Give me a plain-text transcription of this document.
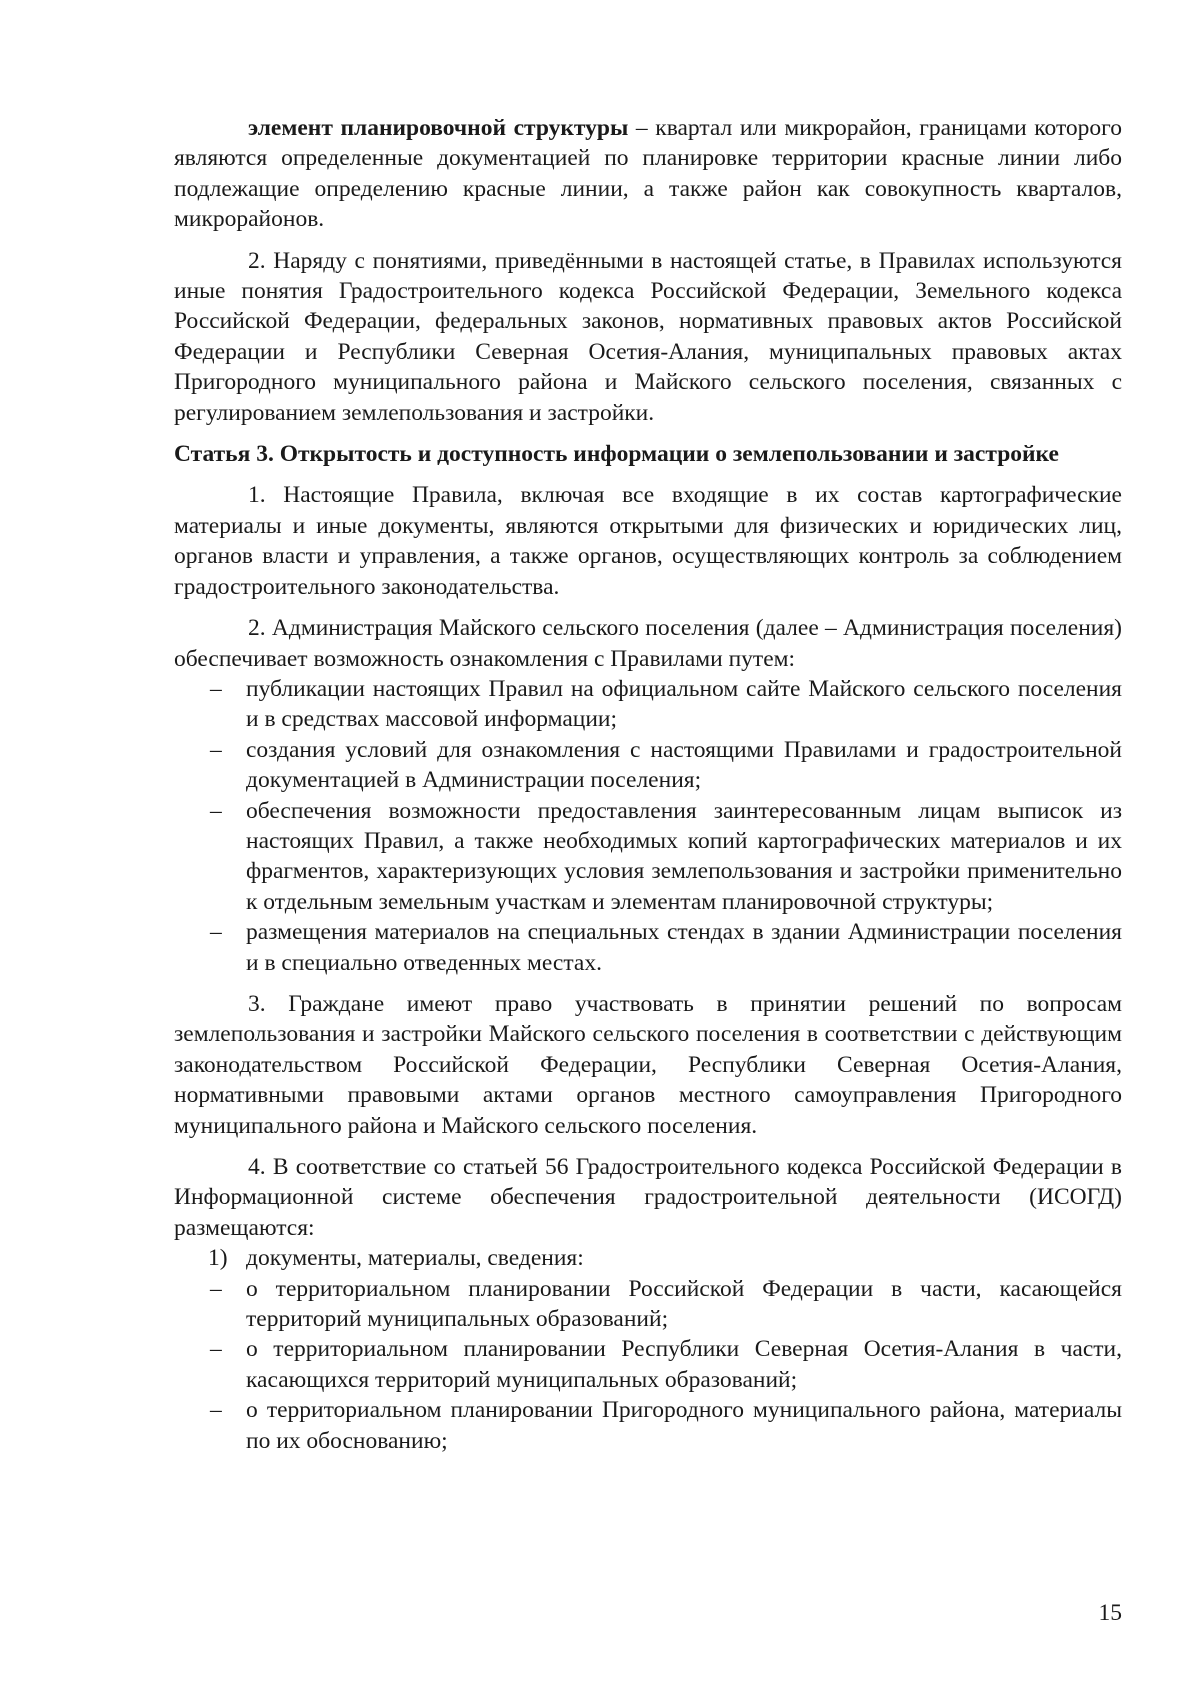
элемент планировочной структуры – квартал или микрорайон, границами которого являются определенные документацией по планировке территории красные линии либо подлежащие определению красные линии, а также район как совокупность кварталов, микрорайонов.

2. Наряду с понятиями, приведёнными в настоящей статье, в Правилах используются иные понятия Градостроительного кодекса Российской Федерации, Земельного кодекса Российской Федерации, федеральных законов, нормативных правовых актов Российской Федерации и Республики Северная Осетия-Алания, муниципальных правовых актах Пригородного муниципального района и Майского сельского поселения, связанных с регулированием землепользования и застройки.

Статья 3. Открытость и доступность информации о землепользовании и застройке

1. Настоящие Правила, включая все входящие в их состав картографические материалы и иные документы, являются открытыми для физических и юридических лиц, органов власти и управления, а также органов, осуществляющих контроль за соблюдением градостроительного законодательства.

2. Администрация Майского сельского поселения (далее – Администрация поселения) обеспечивает возможность ознакомления с Правилами путем:

– публикации настоящих Правил на официальном сайте Майского сельского поселения и в средствах массовой информации;
– создания условий для ознакомления с настоящими Правилами и градостроительной документацией в Администрации поселения;
– обеспечения возможности предоставления заинтересованным лицам выписок из настоящих Правил, а также необходимых копий картографических материалов и их фрагментов, характеризующих условия землепользования и застройки применительно к отдельным земельным участкам и элементам планировочной структуры;
– размещения материалов на специальных стендах в здании Администрации поселения и в специально отведенных местах.

3. Граждане имеют право участвовать в принятии решений по вопросам землепользования и застройки Майского сельского поселения в соответствии с действующим законодательством Российской Федерации, Республики Северная Осетия-Алания, нормативными правовыми актами органов местного самоуправления Пригородного муниципального района и Майского сельского поселения.

4. В соответствие со статьей 56 Градостроительного кодекса Российской Федерации в Информационной системе обеспечения градостроительной деятельности (ИСОГД) размещаются:

1) документы, материалы, сведения:
– о территориальном планировании Российской Федерации в части, касающейся территорий муниципальных образований;
– о территориальном планировании Республики Северная Осетия-Алания в части, касающихся территорий муниципальных образований;
– о территориальном планировании Пригородного муниципального района, материалы по их обоснованию;
15
